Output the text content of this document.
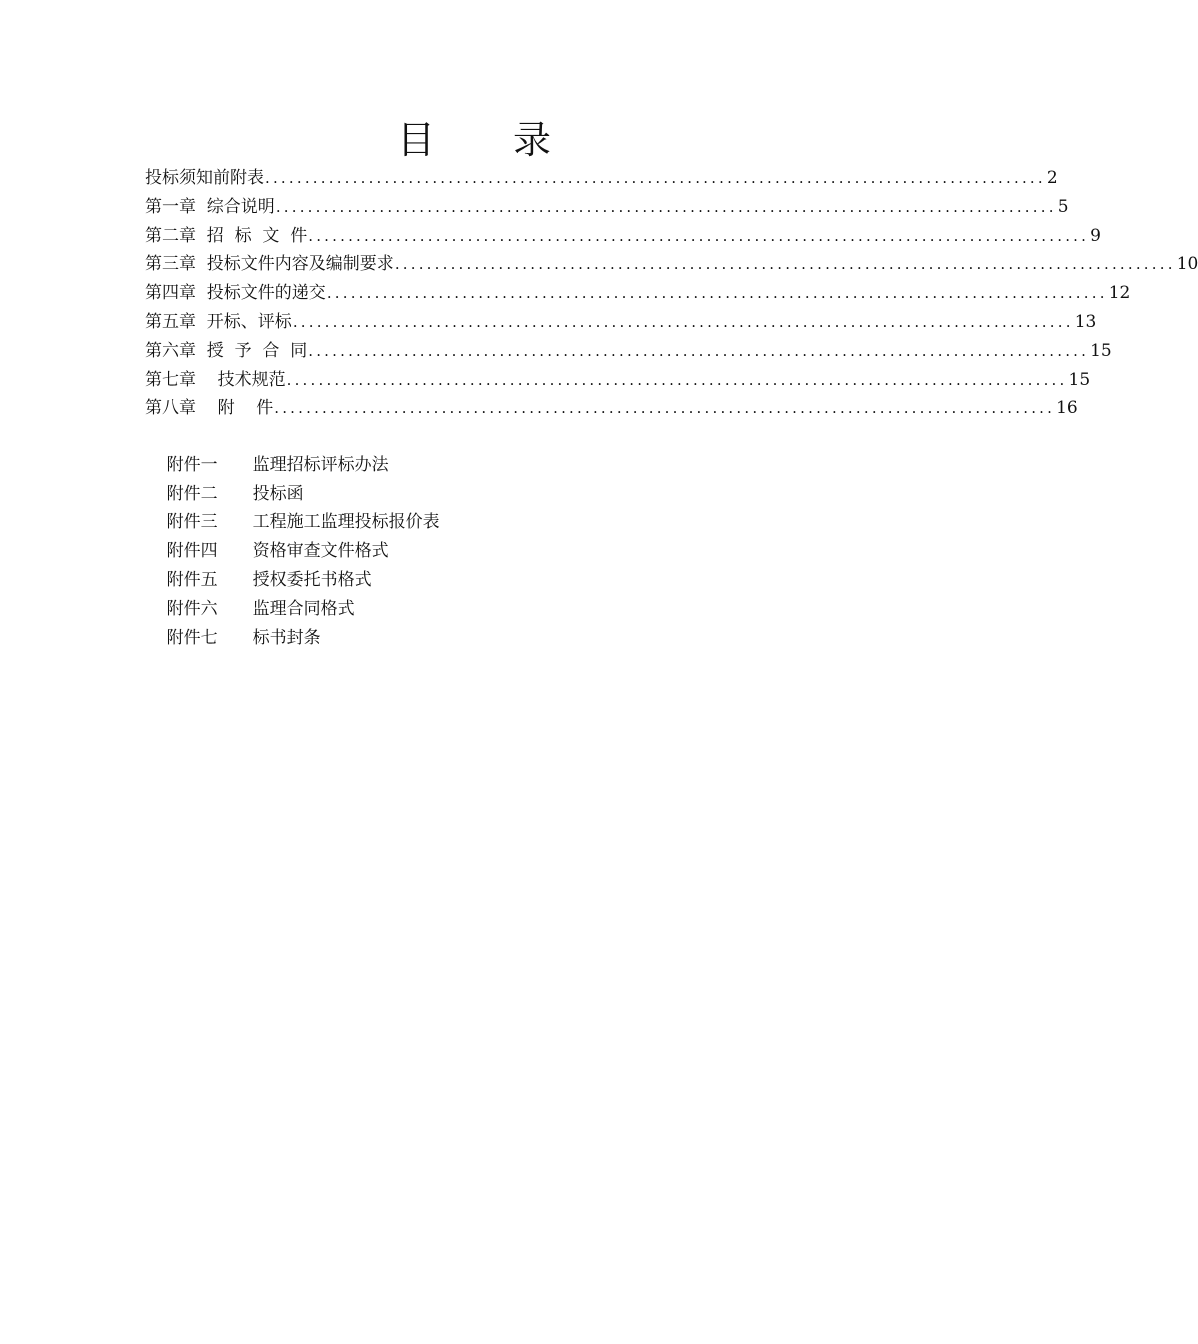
目 录
投标须知前附表 .................................................................................................. 2
第一章  综合说明 .................................................................................................. 5
第二章  招  标  文  件 .................................................................................................. 9
第三章  投标文件内容及编制要求 .................................................................................................. 10
第四章  投标文件的递交 .................................................................................................. 12
第五章  开标、评标 .................................................................................................. 13
第六章  授  予  合  同 .................................................................................................. 15
第七章    技术规范 .................................................................................................. 15
第八章    附    件 .................................................................................................. 16

附件一 监理招标评标办法

附件二 投标函

附件三 工程施工监理投标报价表

附件四 资格审查文件格式

附件五 授权委托书格式

附件六 监理合同格式

附件七 标书封条
